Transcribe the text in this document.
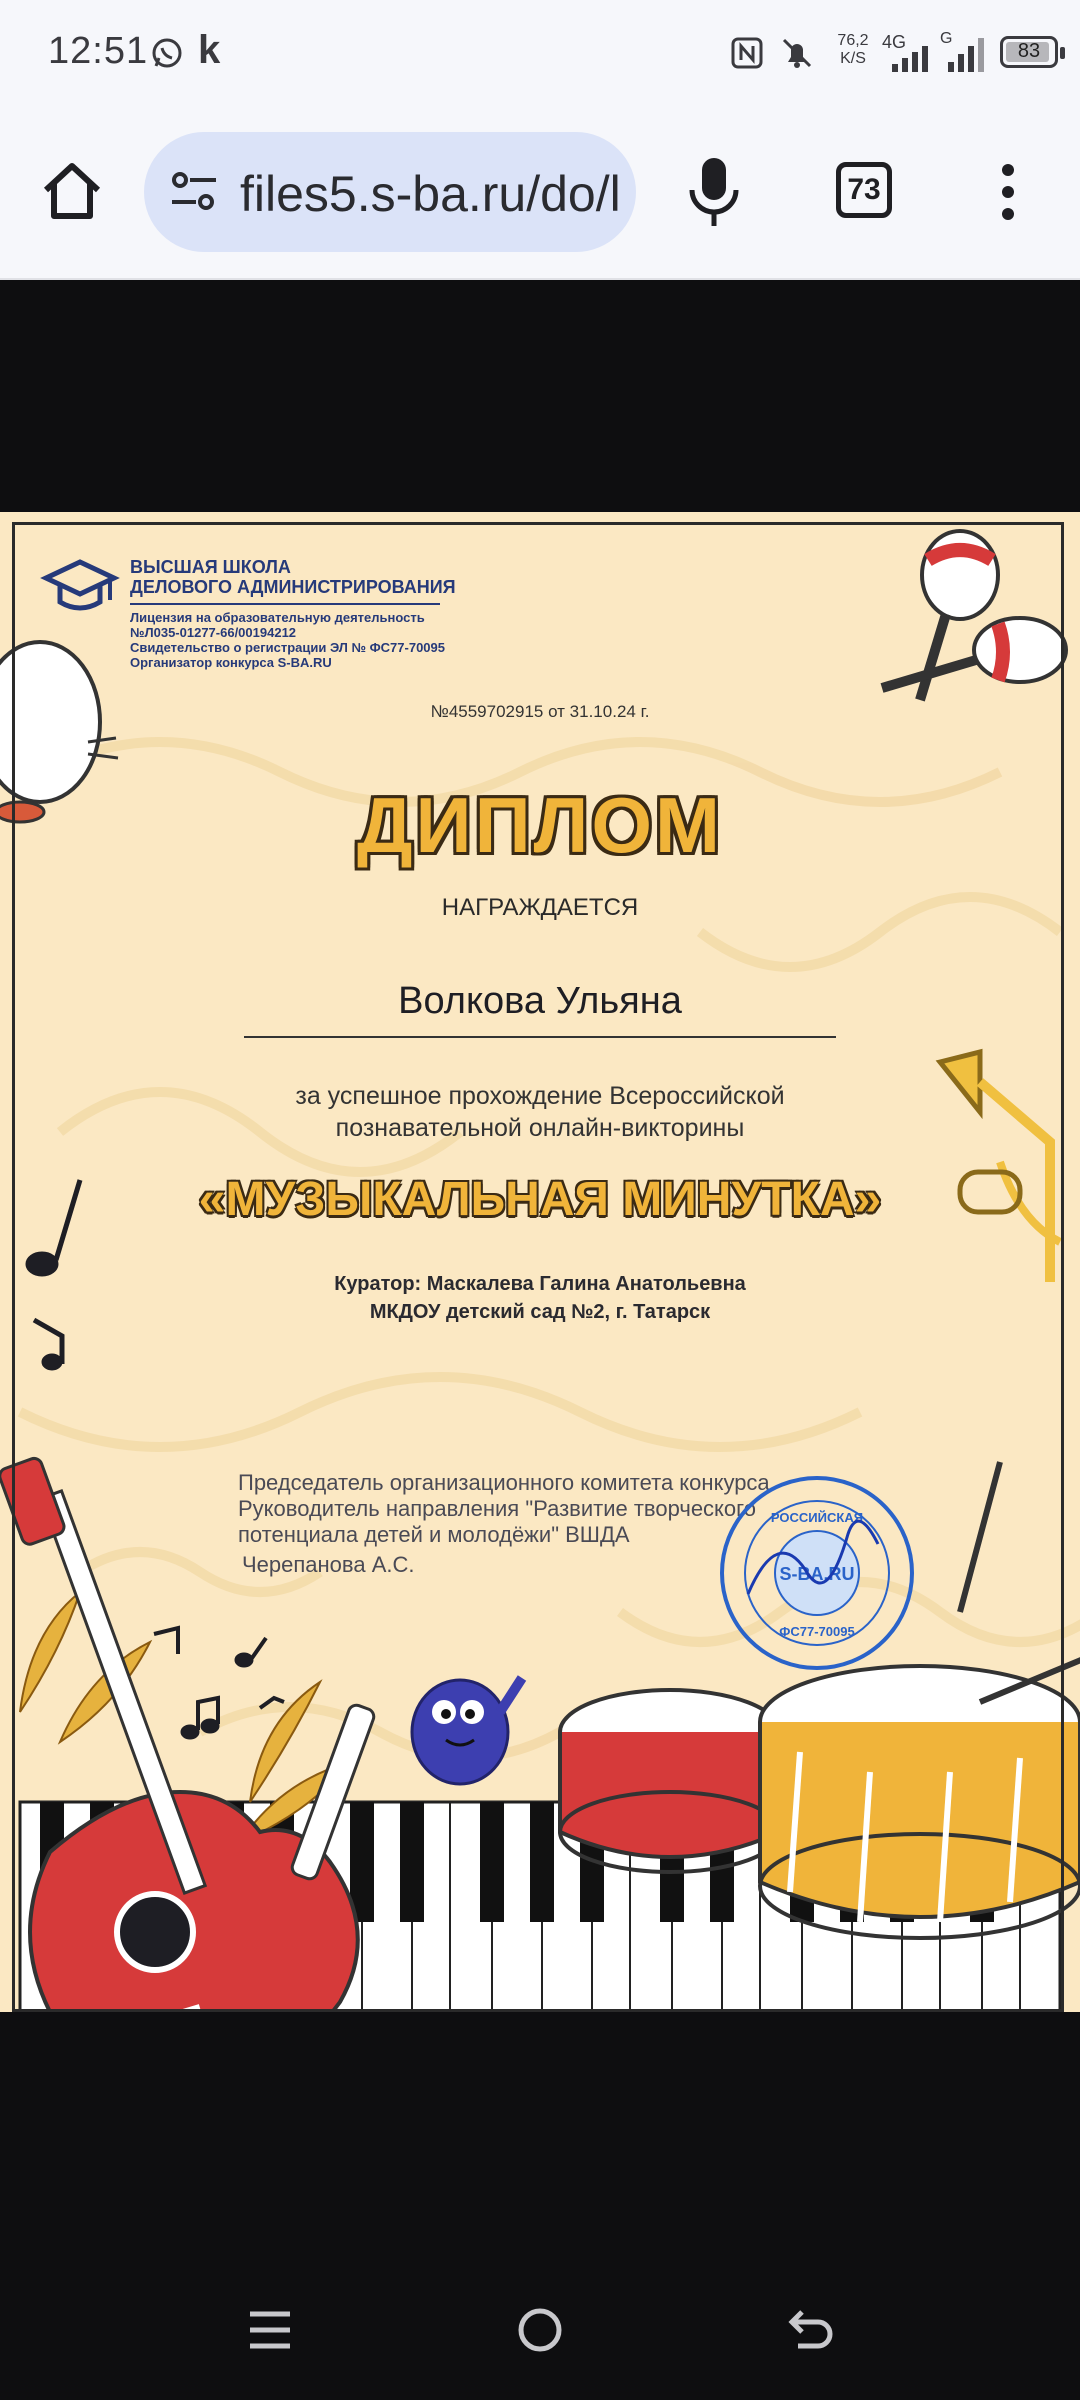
12:51 k	76,2
K/S
4G G
83
files5.s-ba.ru/do/l	73
ВЫСШАЯ ШКОЛА
ДЕЛОВОГО АДМИНИСТРИРОВАНИЯ
Лицензия на образовательную деятельность
№Л035-01277-66/00194212
Свидетельство о регистрации ЭЛ № ФС77-70095
Организатор конкурса S-BA.RU
№4559702915 от 31.10.24 г.
ДИПЛОМ
НАГРАЖДАЕТСЯ
Волкова Ульяна
за успешное прохождение Всероссийской
познавательной онлайн-викторины
«МУЗЫКАЛЬНАЯ МИНУТКА»
Куратор: Маскалева Галина Анатольевна
МКДОУ детский сад №2, г. Татарск
Председатель организационного комитета конкурса
Руководитель направления "Развитие творческого
потенциала детей и молодёжи" ВШДА
Черепанова А.С.
РОССИЙСКАЯ
S-BA.RU
ФС77-70095
